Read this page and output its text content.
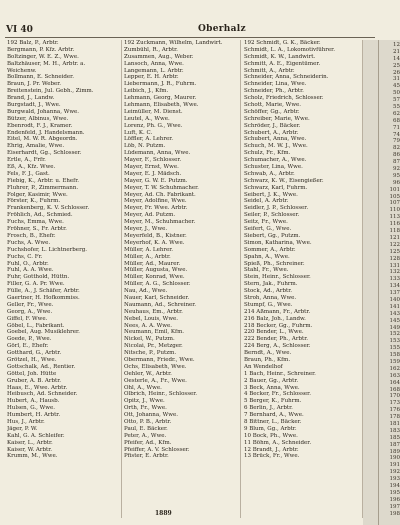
VI 40	Oberhalz
192 Balz, P., Arbtr.
Bergmann, P. Kfz. Arbtr.
Boltzinger, W. E. Z., Wwe.
Baltzhäuser, M. H., Arbtr. a.
Weichenw.
Bollmann, E. Schneider.
Braun, J. Pr. Weber.
Breitenstein, Jul. Gebh., Zimm.
Brand, J., Landw.
Burgstadt, J., Wwe.
Burgwald, Johanna, Wwe.
Bützer, Albinus, Wwe.
Ebenrodt, F. J., Kramer.
Endenfeld, J. Handelsmann.
Eitel, M. W. R. Abgeordn.
Ehrig, Amalie, Wwe.
Eiserhardt, Gg., Schlosser.
Ertle, A., Frfr.
Eß, A., Kfz. Wwe.
Fels, F. J., Gast.
Fiebig, K., Arbtr. u. Ehefr.
Fluhrer, P., Zimmermann.
Folger, Kasimir, Wwe.
Förster, K., Fuhrm.
Frankenberg, K. V. Schlosser.
Fröhlich, Ad., Schmied.
Fuchs, Emma, Wwe.
Fröhner, S., Fr. Arbtr.
Frosch, B., Ehefr.
Fuchs, A. Wwe.
Fuchshofer, L. Lichtnerberg.
Fuchs, C. Fr.
Fuhl, O., Arbtr.
Fuhl, A. A. Wwe.
Fuhr, Gotthold, Hüttn.
Filler, G. A. Pr. Wwe.
Fülle, A., J. Schäfer, Arbtr.
Gaertner, H. Hofkommiss.
Geller, Fr., Wwe.
Georg, A., Wwe.
Giffel, F. Wwe.
Göbel, L., Fabrikant.
Goebel, Aug. Musiklehrer.
Goede, P., Wwe.
Görl, E., Ehefr.
Gotthard, G., Arbtr.
Grötzel, H., Wwe.
Gottschalk, Ad., Rentier.
Göttel, Joh. Hütte
Gruber, A. B. Arbtr.
Haas, E., Wwe. Arbtr.
Heibusch, Ad. Schneider.
Hubert, A., Hausb.
Hulsen, G., Wwe.
Humbert, H. Arbtr.
Hus, J., Arbtr.
Jäger, P. W.
Kahl, G. A. Schleifer.
Kaiser, L., Arbtr.
Kaiser, W. Arbtr.
Krumm, M., Wwe.
192 Zuckmann, Wilhelm, Landwirt.
Zumbühl, R., Arbtr.
Zusammen, Aug., Weber.
Lansoch, Anna, Wwe.
Langemann, L. Arbtr.
Lepper, E. H. Arbtr.
Liebermann, J. R., Fuhrm.
Leibich, J., Kfm.
Lehmann, Georg, Maurer.
Lehmann, Elisabeth, Wwe.
Leimüller, M. Dienst.
Leutel, A., Wwe.
Lorenz, Ph. G., Wwe.
Luft, K. C.
Löffler, A. Lehrer.
Löb, N. Putzm.
Lüdemann, Anna, Wwe.
Mayer, F., Schlosser.
Mayer, Ernst, Wwe.
Mayer, E. J. Mädsch.
Mayer, G. W. E. Putzm.
Meyer, T. W. Schuhmacher.
Meyer, Ad. Ch. Fabrikant.
Meyer, Adolfine, Wwe.
Meyer, Fr. Wwe. Arbtr.
Meyer, Ad. Putzm.
Meyer, M., Schuhmacher.
Meyer, J., Wwe.
Meyerfeld, B., Kistner.
Meyerhof, K. A. Wwe.
Müller, A. Lehrer.
Müller, A., Arbtr.
Müller, Ad., Maurer.
Müller, Augusta, Wwe.
Müller, Konrad, Wwe.
Müller, A. G., Schlosser.
Nau, Ad., Wwe.
Nauer, Karl, Schneider.
Naumann, Ad., Schreiner.
Neuhaus, Em., Arbtr.
Nebel, Louis, Wwe.
Nees, A. A. Wwe.
Neumann, Emil, Kfm.
Nickel, W., Putzm.
Nicolai, Pr., Metzger.
Nitsche, P., Putzm.
Obermann, Friedr., Wwe.
Ochs, Elisabeth, Wwe.
Oehler, W., Arbtr.
Oesterle, A., Fr., Wwe.
Ohl, A., Wwe.
Olbrich, Heinr., Schlosser.
Opitz, J., Wwe.
Orth, Fr., Wwe.
Ott, Johanna, Wwe.
Otto, P. B., Arbtr.
Paul, E. Bäcker.
Peter, A., Wwe.
Pfeifer, Ad., Kfm.
Pfeiffer, A. V. Schlosser.
Pfister, E. Arbtr.
192 Schmidt, G. K., Bäcker.
Schmidt, L. A., Lokomotivführer.
Schmidt, K. W., Landwirt.
Schmitt, A. E., Eigentümer.
Schmitt, A., Arbtr.
Schneider, Anna, Schneiderin.
Schneider, Lina, Wwe.
Schneider, Ph., Arbtr.
Scholz, Friedrich, Schlosser.
Schott, Marie, Wwe.
Schöffer, Gg., Arbtr.
Schreiber, Marie, Wwe.
Schröder, J., Bäcker.
Schubert, A., Arbtr.
Schubert, Anna, Wwe.
Schuch, M. W. J., Wwe.
Schulz, Fr., Kfm.
Schumacher, A., Wwe.
Schuster, Lina, Wwe.
Schwab, A., Arbtr.
Schwarz, K. W., Eisengießer.
Schwarz, Karl, Fuhrm.
Seibert, J. K., Wwe.
Seidel, A. Arbtr.
Seidler, J. P., Schlosser.
Seiler, P., Schlosser.
Seitz, Fr., Wwe.
Seifert, G., Wwe.
Siebert, Gg., Putzm.
Simon, Katharina, Wwe.
Sommer, A., Arbtr.
Spahn, A., Wwe.
Spieß, Ph., Schreiner.
Stahl, Fr., Wwe.
Stein, Heinr., Schlosser.
Stern, Jak., Fuhrm.
Stock, Ad., Arbtr.
Stroh, Anna, Wwe.
Stumpf, G., Wwe.
214 Aßmann, Fr., Arbtr.
216 Balz, Joh., Landw.
218 Becker, Gg., Fuhrm.
220 Bender, L., Wwe.
222 Bender, Ph., Arbtr.
224 Berg, A., Schlosser.
Berndt, A., Wwe.
Braun, Ph., Kfm.
An Wendelhof
1 Bach, Heinr., Schreiner.
2 Bauer, Gg., Arbtr.
3 Beck, Anna, Wwe.
4 Becker, Fr., Schlosser.
5 Berger, K., Fuhrm.
6 Berlin, J., Arbtr.
7 Bernhard, A., Wwe.
8 Bittner, L., Bäcker.
9 Blum, Gg., Arbtr.
10 Bock, Ph., Wwe.
11 Böhm, A., Schneider.
12 Brandt, J., Arbtr.
13 Brück, Fr., Wwe.
12
21
14
25
26
31
45
50
57
55
62
68
71
74
79
82
86
87
92
95
96
101
105
107
110
113
116
118
121
122
125
128
131
132
133
134
137
140
141
143
145
149
152
153
155
158
159
162
163
164
168
170
173
176
178
181
183
185
187
189
190
191
192
193
194
195
196
197
198
1889
